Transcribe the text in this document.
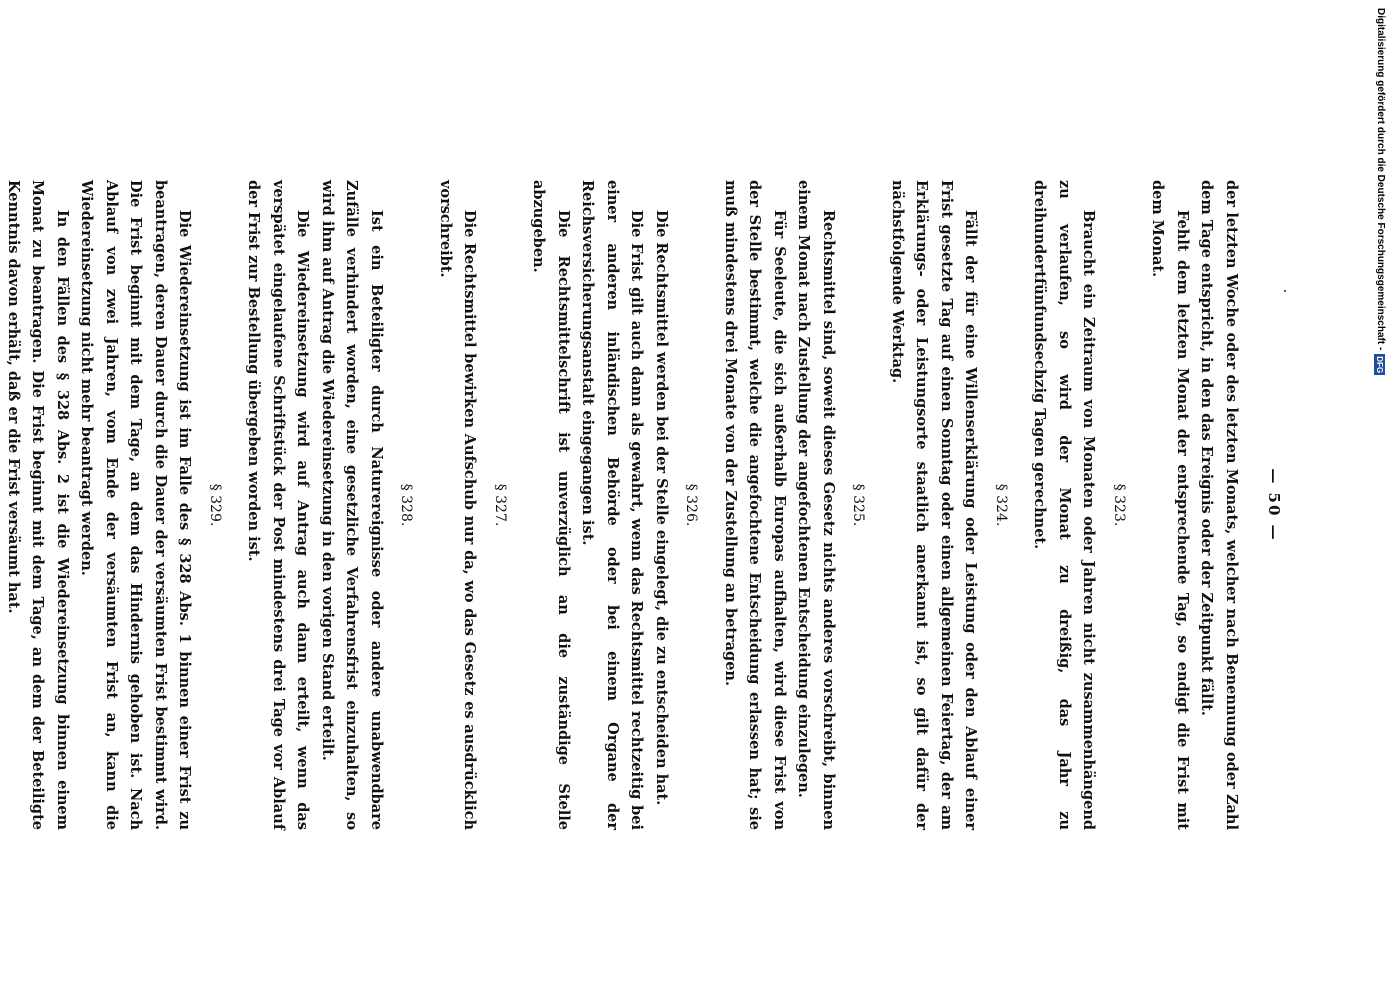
— 50 —

der letzten Woche oder des letzten Monats, welcher nach Benennung oder Zahl dem Tage entspricht, in den das Ereignis oder der Zeitpunkt fällt.

Fehlt dem letzten Monat der entsprechende Tag, so endigt die Frist mit dem Monat.

§ 323.

Braucht ein Zeitraum von Monaten oder Jahren nicht zusammenhängend zu verlaufen, so wird der Monat zu dreißig, das Jahr zu dreihundertfünfundsechzig Tagen gerechnet.

§ 324.

Fällt der für eine Willenserklärung oder Leistung oder den Ablauf einer Frist gesetzte Tag auf einen Sonntag oder einen allgemeinen Feiertag, der am Erklärungs- oder Leistungsorte staatlich anerkannt ist, so gilt dafür der nächstfolgende Werktag.

§ 325.

Rechtsmittel sind, soweit dieses Gesetz nichts anderes vorschreibt, binnen einem Monat nach Zustellung der angefochtenen Entscheidung einzulegen.

Für Seeleute, die sich außerhalb Europas aufhalten, wird diese Frist von der Stelle bestimmt, welche die angefochtene Entscheidung erlassen hat; sie muß mindestens drei Monate von der Zustellung an betragen.

§ 326.

Die Rechtsmittel werden bei der Stelle eingelegt, die zu entscheiden hat.

Die Frist gilt auch dann als gewahrt, wenn das Rechtsmittel rechtzeitig bei einer anderen inländischen Behörde oder bei einem Organe der Reichsversicherungsanstalt eingegangen ist.

Die Rechtsmittelschrift ist unverzüglich an die zuständige Stelle abzugeben.

§ 327.

Die Rechtsmittel bewirken Aufschub nur da, wo das Gesetz es ausdrücklich vorschreibt.

§ 328.

Ist ein Beteiligter durch Naturereignisse oder andere unabwendbare Zufälle verhindert worden, eine gesetzliche Verfahrensfrist einzuhalten, so wird ihm auf Antrag die Wiedereinsetzung in den vorigen Stand erteilt.

Die Wiedereinsetzung wird auf Antrag auch dann erteilt, wenn das verspätet eingelaufene Schriftstück der Post mindestens drei Tage vor Ablauf der Frist zur Bestellung übergeben worden ist.

§ 329.

Die Wiedereinsetzung ist im Falle des § 328 Abs. 1 binnen einer Frist zu beantragen, deren Dauer durch die Dauer der versäumten Frist bestimmt wird. Die Frist beginnt mit dem Tage, an dem das Hindernis gehoben ist. Nach Ablauf von zwei Jahren, vom Ende der versäumten Frist an, kann die Wiedereinsetzung nicht mehr beantragt werden.

In den Fällen des § 328 Abs. 2 ist die Wiedereinsetzung binnen einem Monat zu beantragen. Die Frist beginnt mit dem Tage, an dem der Beteiligte Kenntnis davon erhält, daß er die Frist versäumt hat.

Digitalisierung gefördert durch die Deutsche Forschungsgemeinschaft -
DFG
